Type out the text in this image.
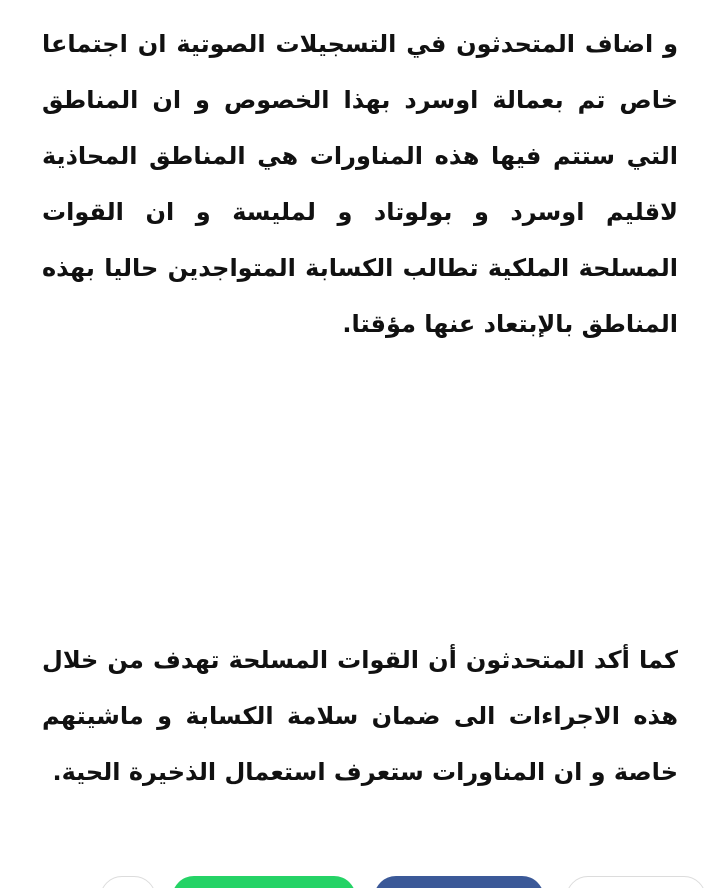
و اضاف المتحدثون في التسجيلات الصوتية ان اجتماعا خاص تم بعمالة اوسرد بهذا الخصوص و ان المناطق التي ستتم فيها هذه المناورات هي المناطق المحاذية لاقليم اوسرد و بولوتاد و لمليسة و ان القوات المسلحة الملكية تطالب الكسابة المتواجدين حاليا بهذه المناطق بالإبتعاد عنها مؤقتا.

كما أكد المتحدثون أن القوات المسلحة تهدف من خلال هذه الاجراءات الى ضمان سلامة الكسابة و ماشيتهم خاصة و ان المناورات ستعرف استعمال الذخيرة الحية.
